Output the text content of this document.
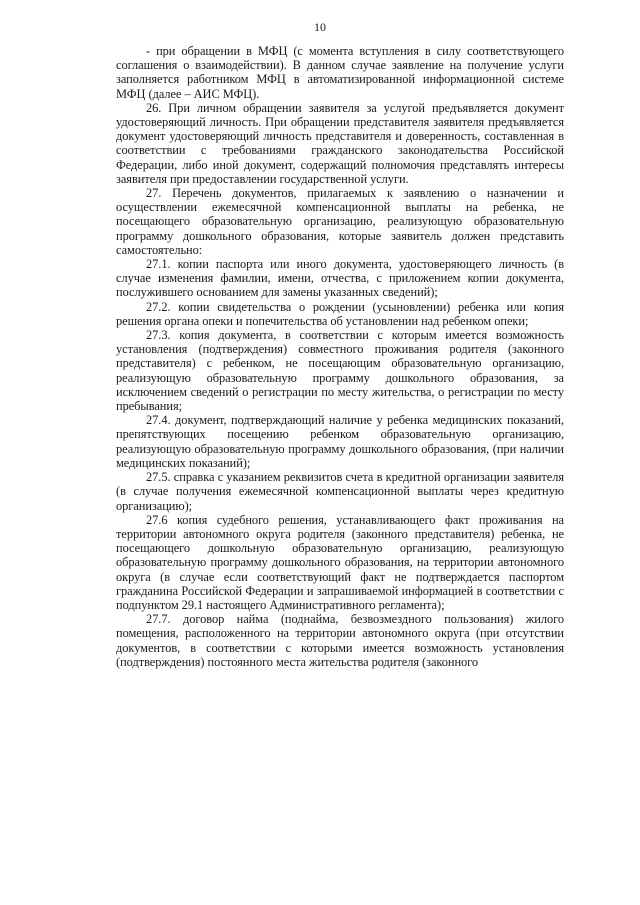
10

- при обращении в МФЦ (с момента вступления в силу соответствующего соглашения о взаимодействии). В данном случае заявление на получение услуги заполняется работником МФЦ в автоматизированной информационной системе МФЦ (далее – АИС МФЦ).

26. При личном обращении заявителя за услугой предъявляется документ удостоверяющий личность. При обращении представителя заявителя предъявляется документ удостоверяющий личность представителя и доверенность, составленная в соответствии с требованиями гражданского законодательства Российской Федерации, либо иной документ, содержащий полномочия представлять интересы заявителя при предоставлении государственной услуги.

27. Перечень документов, прилагаемых к заявлению о назначении и осуществлении ежемесячной компенсационной выплаты на ребенка, не посещающего образовательную организацию, реализующую образовательную программу дошкольного образования, которые заявитель должен представить самостоятельно:

27.1. копии паспорта или иного документа, удостоверяющего личность (в случае изменения фамилии, имени, отчества, с приложением копии документа, послужившего основанием для замены указанных сведений);

27.2. копии свидетельства о рождении (усыновлении) ребенка или копия решения органа опеки и попечительства об установлении над ребенком опеки;

27.3. копия документа, в соответствии с которым имеется возможность установления (подтверждения) совместного проживания родителя (законного представителя) с ребенком, не посещающим образовательную организацию, реализующую образовательную программу дошкольного образования, за исключением сведений о регистрации по месту жительства, о регистрации по месту пребывания;

27.4. документ, подтверждающий наличие у ребенка медицинских показаний, препятствующих посещению ребенком образовательную организацию, реализующую образовательную программу дошкольного образования, (при наличии медицинских показаний);

27.5. справка с указанием реквизитов счета в кредитной организации заявителя (в случае получения ежемесячной компенсационной выплаты через кредитную организацию);

27.6 копия судебного решения, устанавливающего факт проживания на территории автономного округа родителя (законного представителя) ребенка, не посещающего дошкольную образовательную организацию, реализующую образовательную программу дошкольного образования, на территории автономного округа (в случае если соответствующий факт не подтверждается паспортом гражданина Российской Федерации и запрашиваемой информацией в соответствии с подпунктом 29.1 настоящего Административного регламента);

27.7. договор найма (поднайма, безвозмездного пользования) жилого помещения, расположенного на территории автономного округа (при отсутствии документов, в соответствии с которыми имеется возможность установления (подтверждения) постоянного места жительства родителя (законного
